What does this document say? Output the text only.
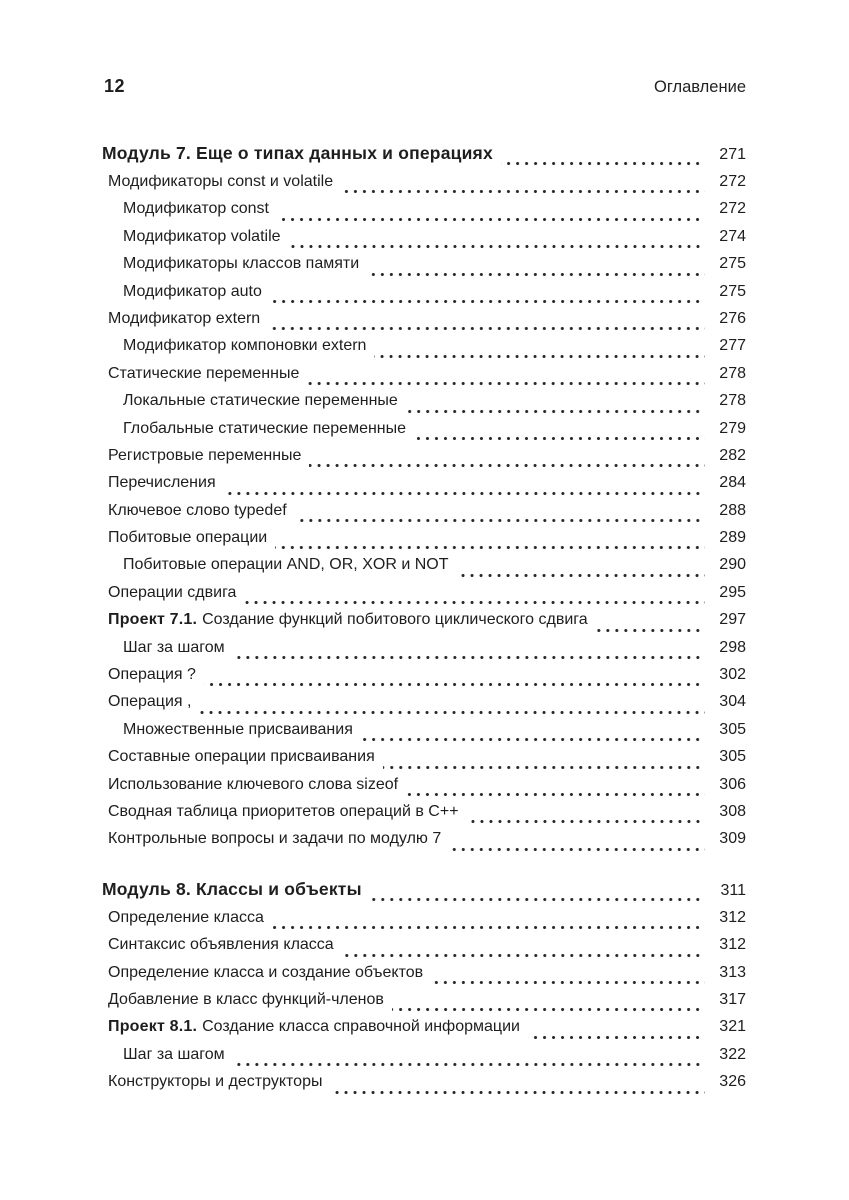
12	Оглавление
Модуль 7. Еще о типах данных и операциях	271
Модификаторы const и volatile	272
Модификатор const	272
Модификатор volatile	274
Модификаторы классов памяти	275
Модификатор auto	275
Модификатор extern	276
Модификатор компоновки extern	277
Статические переменные	278
Локальные статические переменные	278
Глобальные статические переменные	279
Регистровые переменные	282
Перечисления	284
Ключевое слово typedef	288
Побитовые операции	289
Побитовые операции AND, OR, XOR и NOT	290
Операции сдвига	295
Проект 7.1. Создание функций побитового циклического сдвига	297
Шаг за шагом	298
Операция ?	302
Операция ,	304
Множественные присваивания	305
Составные операции присваивания	305
Использование ключевого слова sizeof	306
Сводная таблица приоритетов операций в C++	308
Контрольные вопросы и задачи по модулю 7	309
Модуль 8. Классы и объекты	311
Определение класса	312
Синтаксис объявления класса	312
Определение класса и создание объектов	313
Добавление в класс функций-членов	317
Проект 8.1. Создание класса справочной информации	321
Шаг за шагом	322
Конструкторы и деструкторы	326
